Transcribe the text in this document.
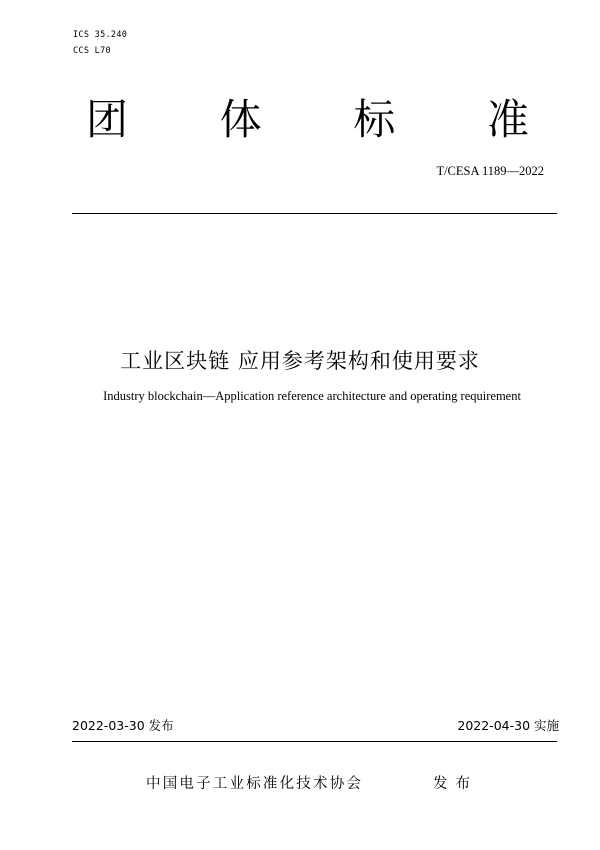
ICS 35.240
CCS L70
团 体 标 准
T/CESA 1189—2022
工业区块链 应用参考架构和使用要求
Industry blockchain—Application reference architecture and operating requirement
2022-03-30 发布	2022-04-30 实施
中国电子工业标准化技术协会	发布
